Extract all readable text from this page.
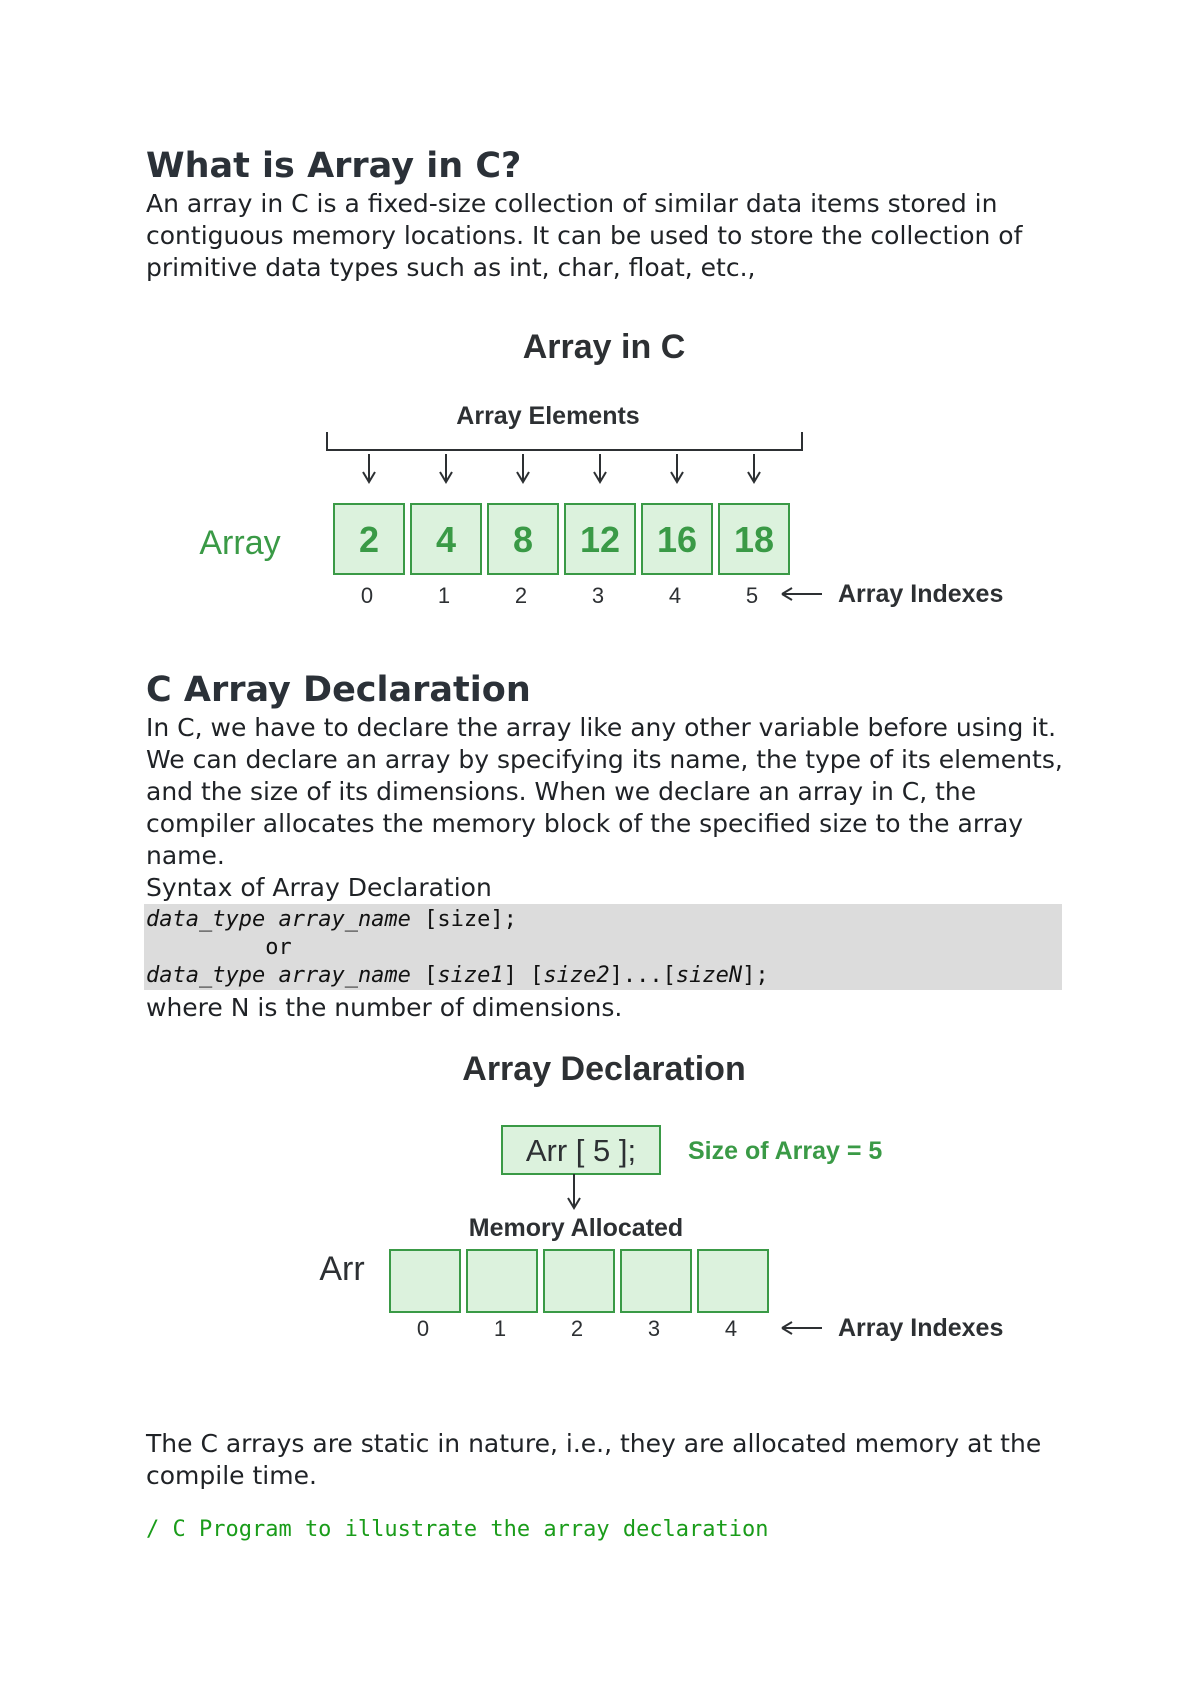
What is Array in C?

An array in C is a fixed-size collection of similar data items stored in contiguous memory locations. It can be used to store the collection of primitive data types such as int, char, float, etc.,

Array in C
Array Elements
Array 2 4 8 12 16 18
0	1	2	3	4	5	Array Indexes
C Array Declaration

In C, we have to declare the array like any other variable before using it. We can declare an array by specifying its name, the type of its elements, and the size of its dimensions. When we declare an array in C, the compiler allocates the memory block of the specified size to the array name.

Syntax of Array Declaration
data_type array_name [size];
or
data_type array_name [size1] [size2]...[sizeN];
where N is the number of dimensions.
Array Declaration
Arr [ 5 ]; Size of Array = 5
Memory Allocated
Arr
0	1	2	3	4	Array Indexes

The C arrays are static in nature, i.e., they are allocated memory at the compile time.

/ C Program to illustrate the array declaration
